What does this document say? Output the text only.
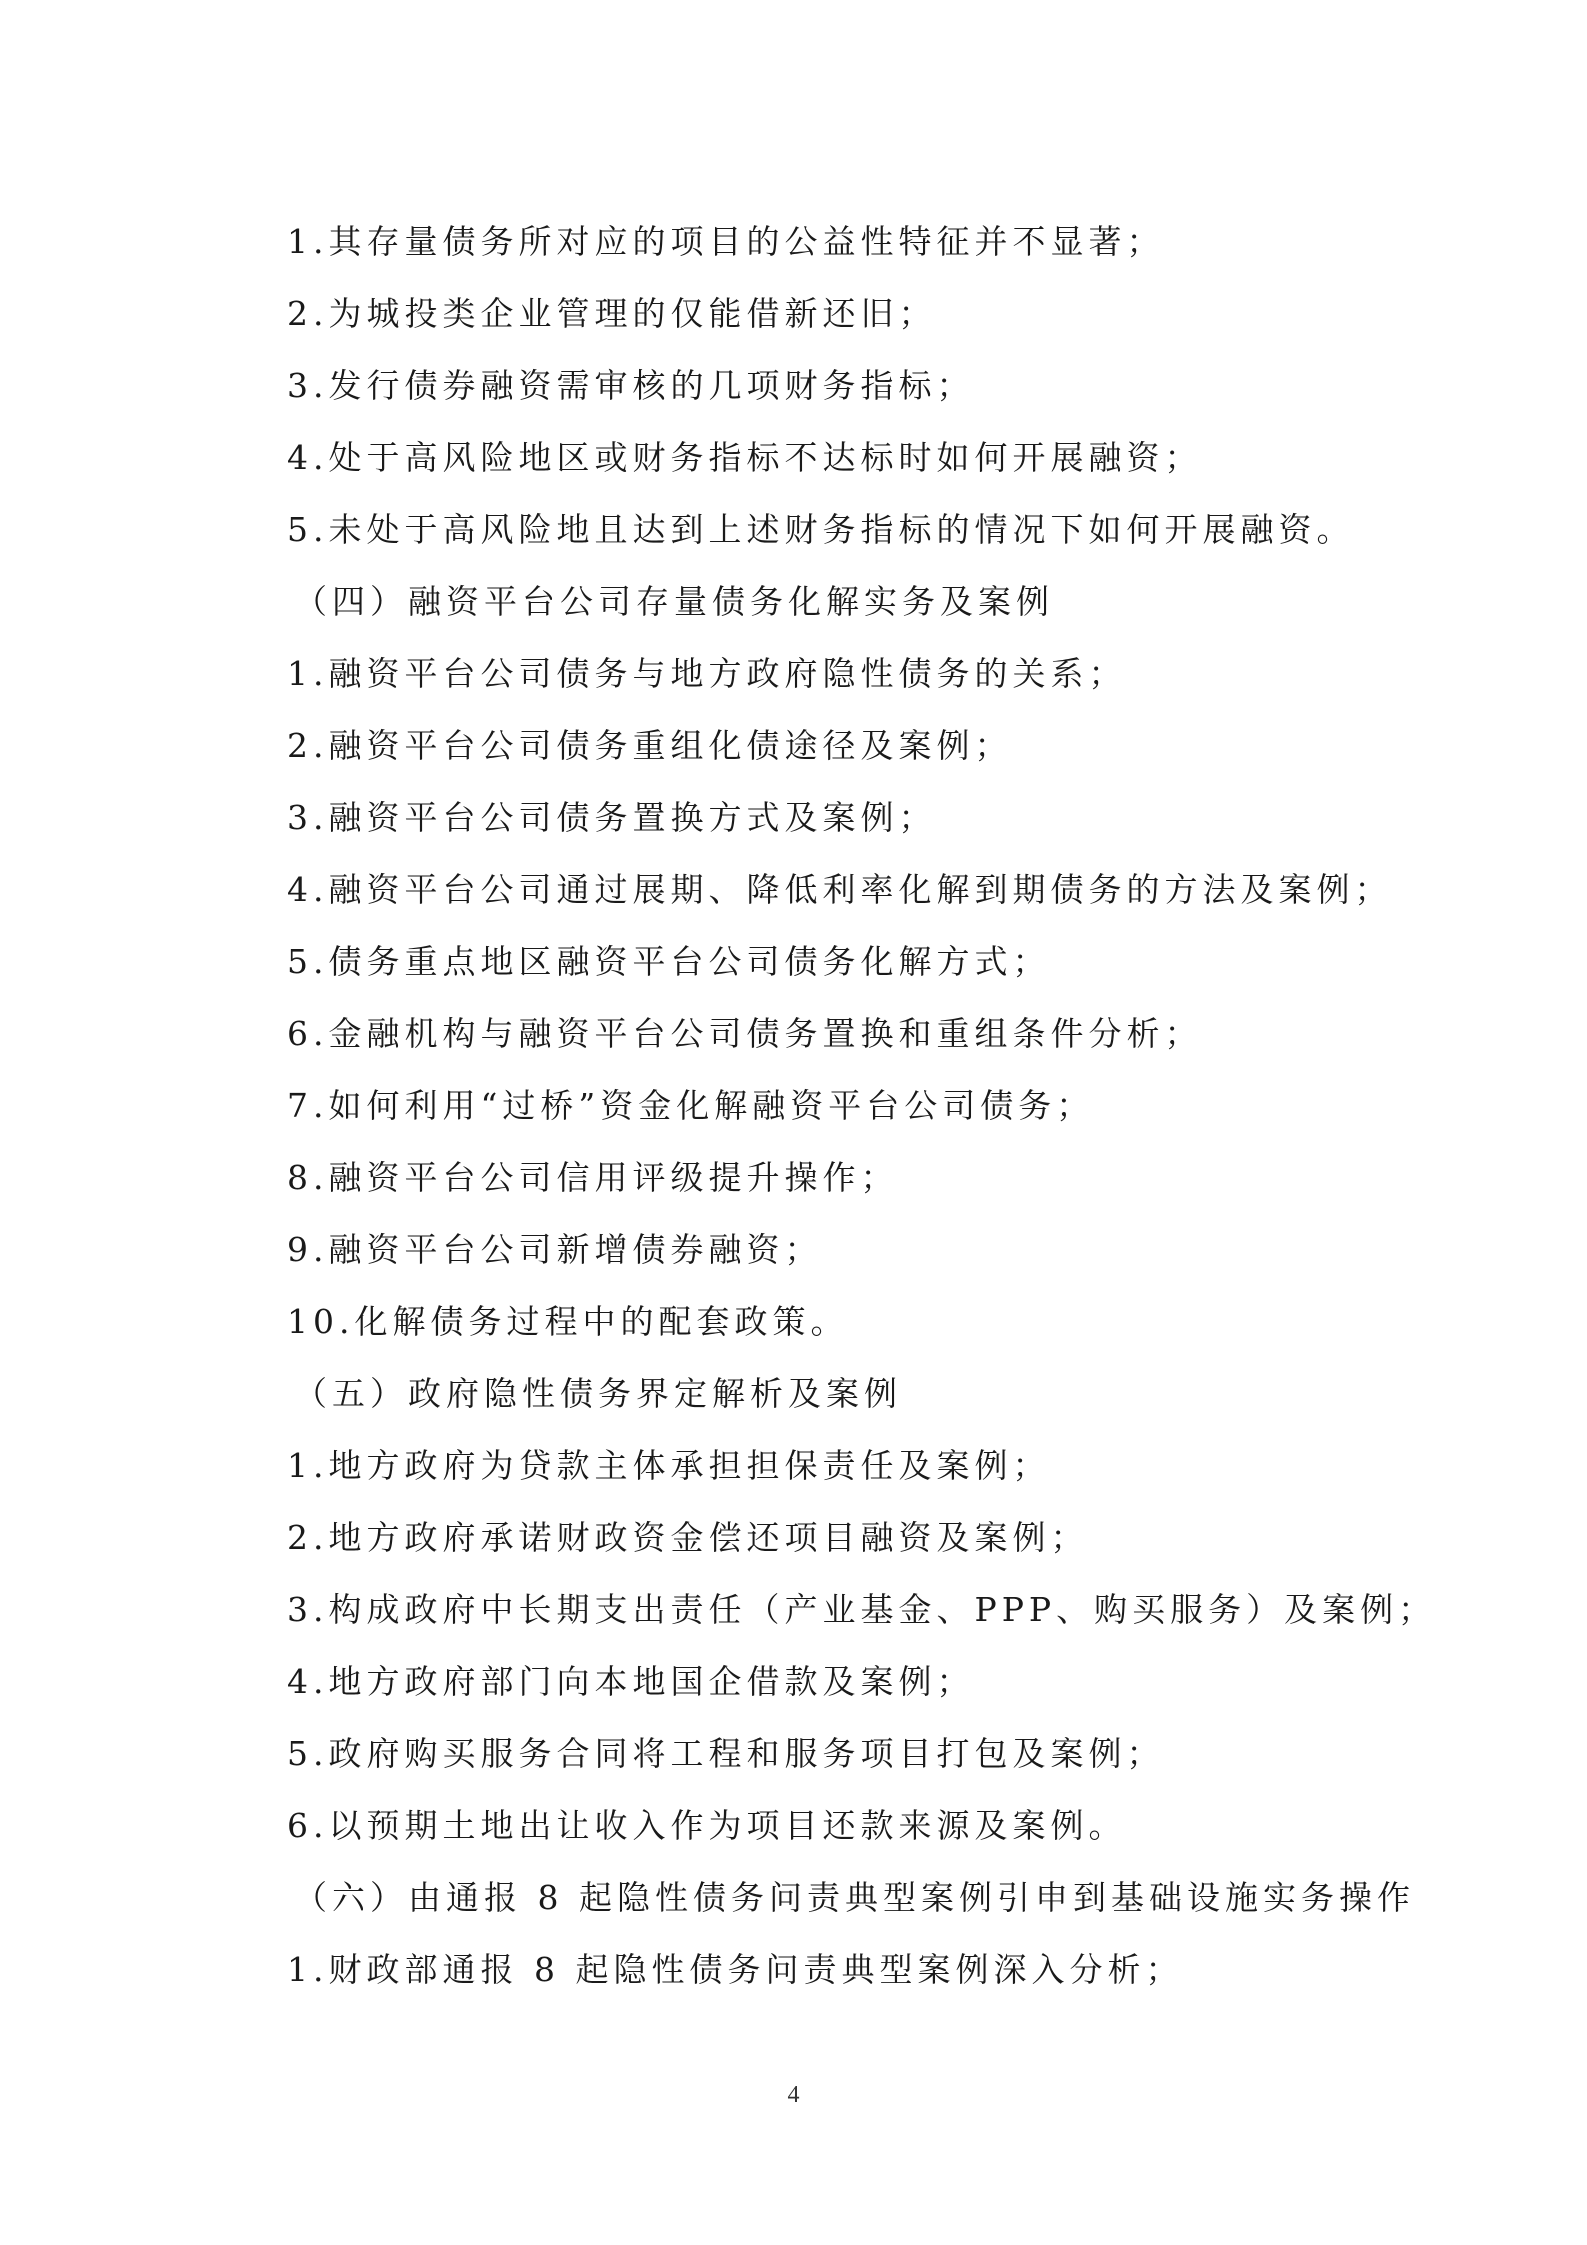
1.其存量债务所对应的项目的公益性特征并不显著；
2.为城投类企业管理的仅能借新还旧；
3.发行债券融资需审核的几项财务指标；
4.处于高风险地区或财务指标不达标时如何开展融资；
5.未处于高风险地且达到上述财务指标的情况下如何开展融资。
（四）融资平台公司存量债务化解实务及案例
1.融资平台公司债务与地方政府隐性债务的关系；
2.融资平台公司债务重组化债途径及案例；
3.融资平台公司债务置换方式及案例；
4.融资平台公司通过展期、降低利率化解到期债务的方法及案例；
5.债务重点地区融资平台公司债务化解方式；
6.金融机构与融资平台公司债务置换和重组条件分析；
7.如何利用“过桥”资金化解融资平台公司债务；
8.融资平台公司信用评级提升操作；
9.融资平台公司新增债券融资；
10.化解债务过程中的配套政策。
（五）政府隐性债务界定解析及案例
1.地方政府为贷款主体承担担保责任及案例；
2.地方政府承诺财政资金偿还项目融资及案例；
3.构成政府中长期支出责任（产业基金、PPP、购买服务）及案例；
4.地方政府部门向本地国企借款及案例；
5.政府购买服务合同将工程和服务项目打包及案例；
6.以预期土地出让收入作为项目还款来源及案例。
（六）由通报 8 起隐性债务问责典型案例引申到基础设施实务操作
1.财政部通报 8 起隐性债务问责典型案例深入分析；
4
